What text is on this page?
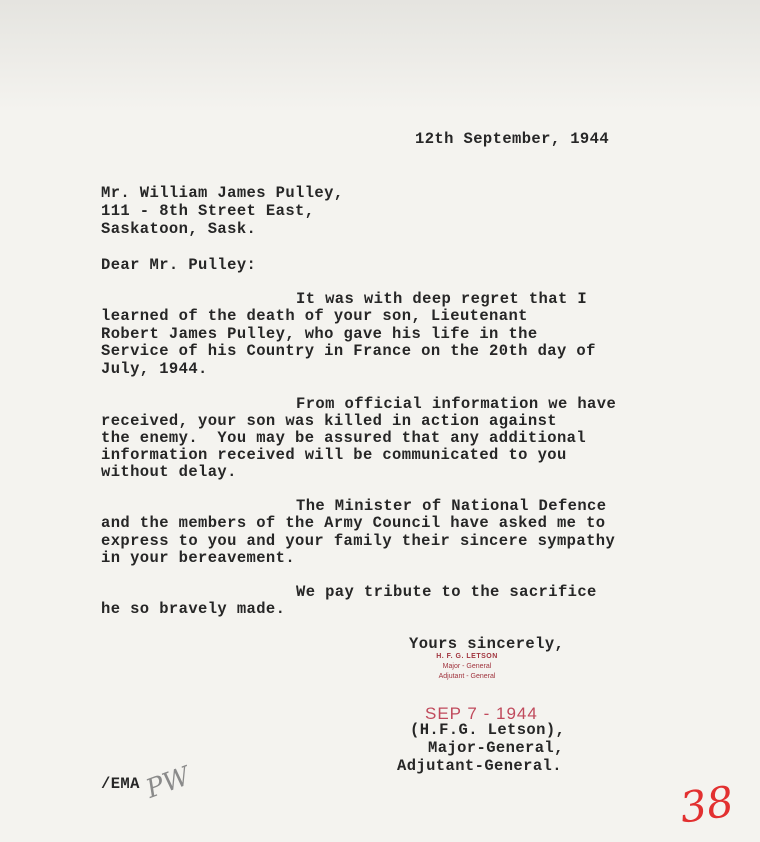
12th September, 1944
Mr. William James Pulley,
111 - 8th Street East,
Saskatoon, Sask.
Dear Mr. Pulley:
It was with deep regret that I
learned of the death of your son, Lieutenant
Robert James Pulley, who gave his life in the
Service of his Country in France on the 20th day of
July, 1944.
From official information we have
received, your son was killed in action against
the enemy.  You may be assured that any additional
information received will be communicated to you
without delay.
The Minister of National Defence
and the members of the Army Council have asked me to
express to you and your family their sincere sympathy
in your bereavement.
We pay tribute to the sacrifice
he so bravely made.
Yours sincerely,
H. F. G. LETSON
Major - General
Adjutant - General
SEP 7 - 1944
(H.F.G. Letson),
Major-General,
Adjutant-General.
/EMA PW	38
